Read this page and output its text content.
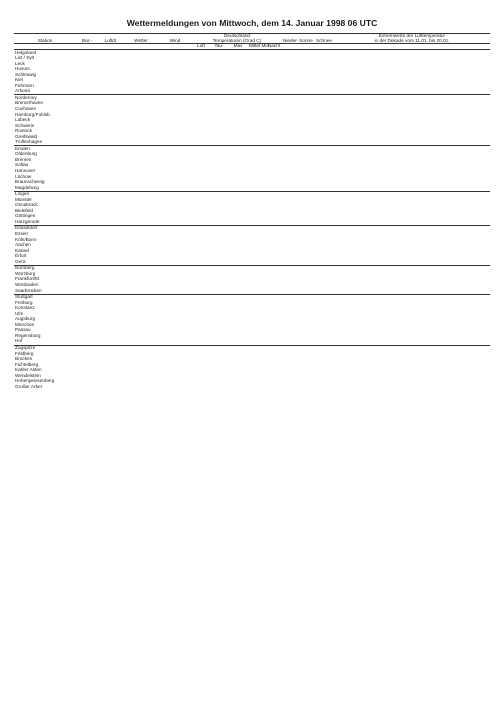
Wettermeldungen von Mittwoch, dem 14. Januar 1998 06 UTC
Station	Bar.-	Luftdr.	Wetter	Wind		Deutschland
Temperaturen (Grad C)					Nieder-	Sonne	Schnee	Extremwerte der Lufttemperatur
in der Dekade vom 11.01. bis 20.01.
						Luft	Tau-	Max	Mittel Min	Nacht				
Helgoland														
List / Sylt														
Leck														
Husum														
Schleswig														
Kiel														
Fehmarn														
Arkona														
Norderney														
Bremerhaven														
Cuxhaven														
Hamburg/Fuhlsb.														
Lübeck														
Schwerin														
Rostock														
Greifswald														
Trollenhagen														
Emden														
Oldenburg														
Bremen														
Soltau														
Hannover														
Lüchow														
Braunschweig														
Magdeburg														
Lingen														
Münster														
Osnabrück														
Bielefeld														
Göttingen														
Harzgerode														
Düsseldorf														
Essen														
Köln/Bonn														
Aachen														
Kassel														
Erfurt														
Gera														
Nürnberg														
Würzburg														
Frankfurt/M.														
Wiesbaden														
Saarbrücken														
Stuttgart														
Freiburg														
Konstanz														
Ulm														
Augsburg														
München														
Passau														
Regensburg														
Hof														
Zugspitze														
Feldberg														
Brocken														
Fichtelberg														
Kahler Asten														
Wendelstein														
Hohenpeissenberg														
Großer Arber														
